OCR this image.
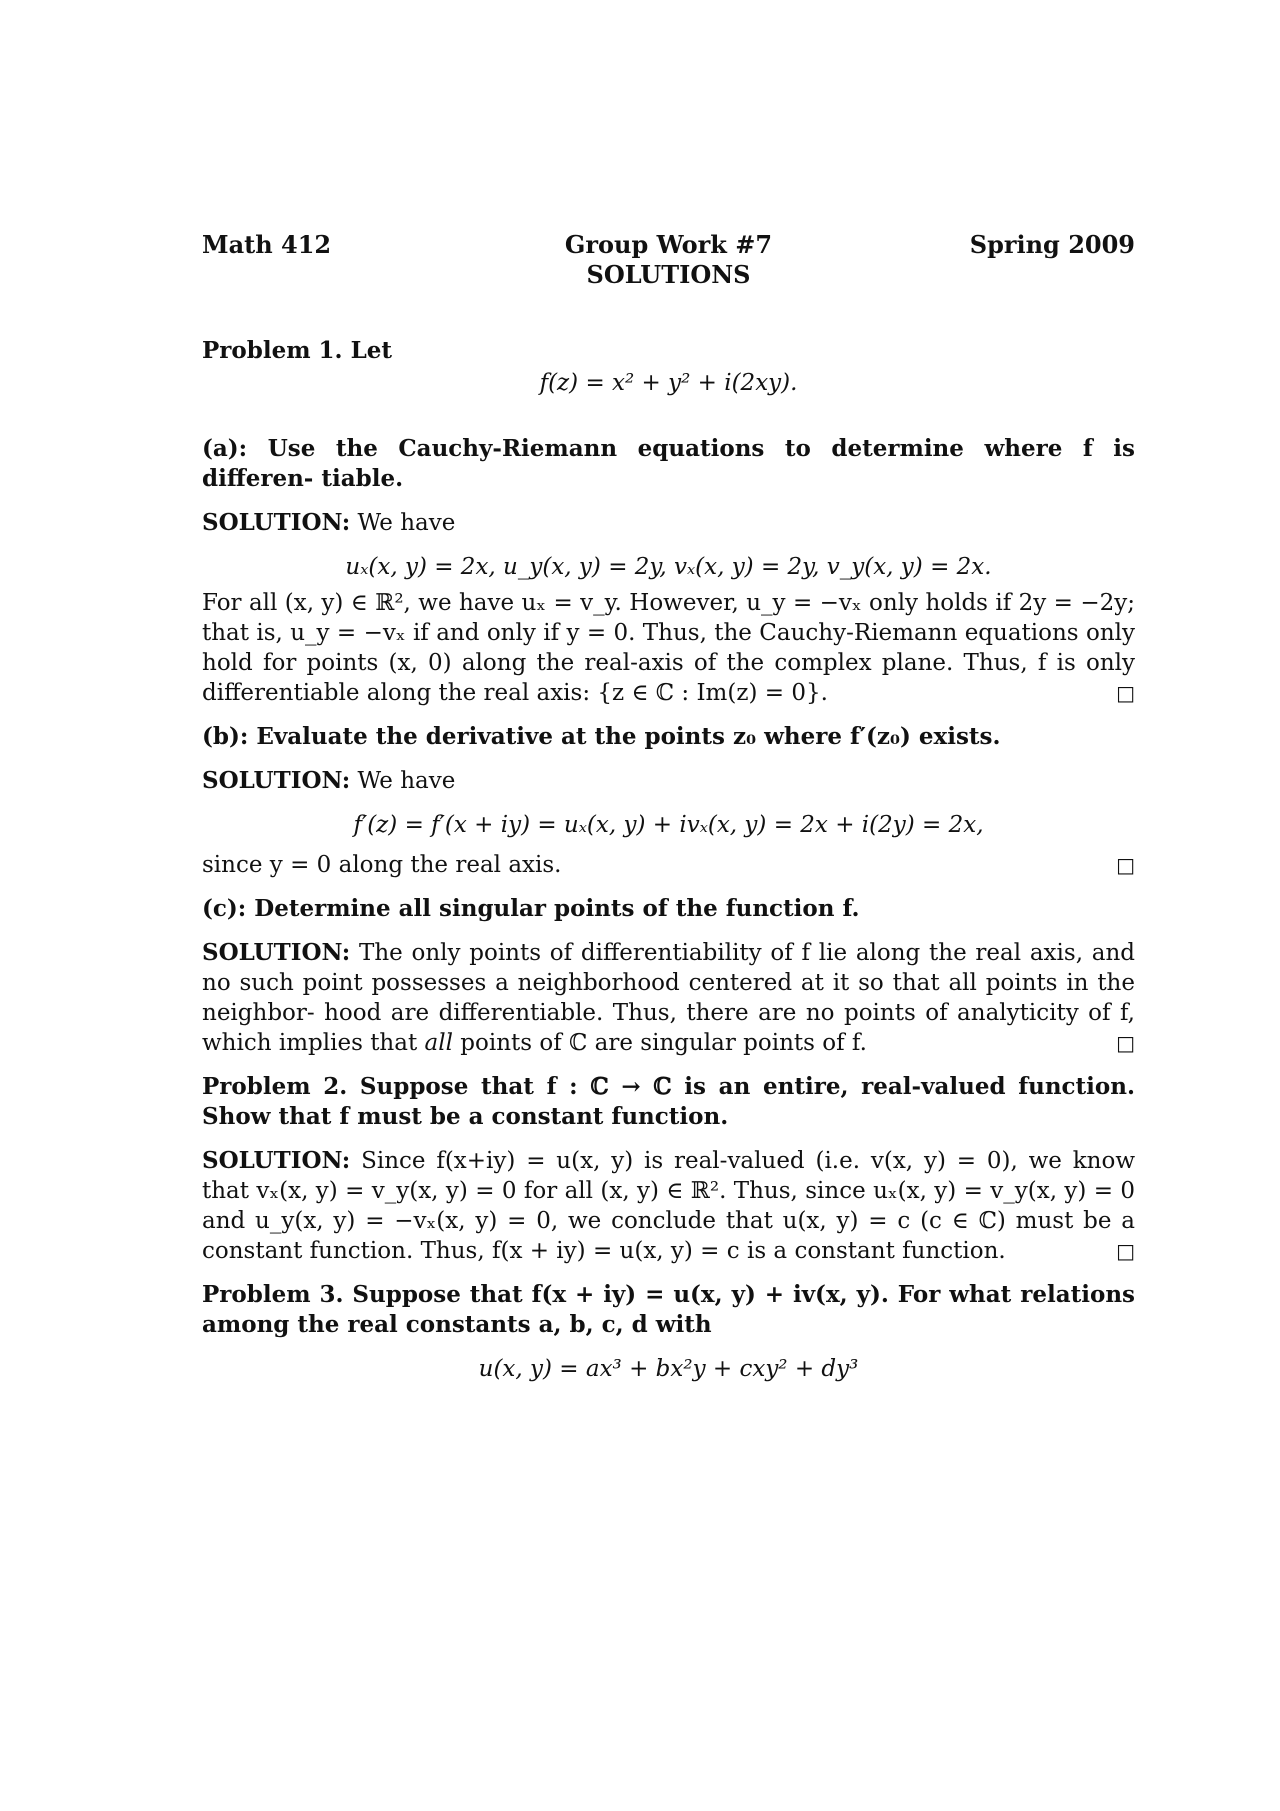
Math 412	Group Work #7
SOLUTIONS
Spring 2009
Problem 1. Let
f(z) = x² + y² + i(2xy).

(a): Use the Cauchy-Riemann equations to determine where f is differen- tiable.

SOLUTION: We have

uₓ(x, y) = 2x, u_y(x, y) = 2y, vₓ(x, y) = 2y, v_y(x, y) = 2x.

For all (x, y) ∈ ℝ², we have uₓ = v_y. However, u_y = −vₓ only holds if 2y = −2y; that is, u_y = −vₓ if and only if y = 0. Thus, the Cauchy-Riemann equations only hold for points (x, 0) along the real-axis of the complex plane. Thus, f is only differentiable along the real axis: {z ∈ ℂ : Im(z) = 0}.	□

(b): Evaluate the derivative at the points z₀ where f′(z₀) exists.

SOLUTION: We have

f′(z) = f′(x + iy) = uₓ(x, y) + ivₓ(x, y) = 2x + i(2y) = 2x,

since y = 0 along the real axis.	□

(c): Determine all singular points of the function f.

SOLUTION: The only points of differentiability of f lie along the real axis, and no such point possesses a neighborhood centered at it so that all points in the neighbor- hood are differentiable. Thus, there are no points of analyticity of f, which implies that all points of ℂ are singular points of f.	□

Problem 2. Suppose that f : ℂ → ℂ is an entire, real-valued function. Show that f must be a constant function.

SOLUTION: Since f(x+iy) = u(x, y) is real-valued (i.e. v(x, y) = 0), we know that vₓ(x, y) = v_y(x, y) = 0 for all (x, y) ∈ ℝ². Thus, since uₓ(x, y) = v_y(x, y) = 0 and u_y(x, y) = −vₓ(x, y) = 0, we conclude that u(x, y) = c (c ∈ ℂ) must be a constant function. Thus, f(x + iy) = u(x, y) = c is a constant function.	□

Problem 3. Suppose that f(x + iy) = u(x, y) + iv(x, y). For what relations among the real constants a, b, c, d with

u(x, y) = ax³ + bx²y + cxy² + dy³
